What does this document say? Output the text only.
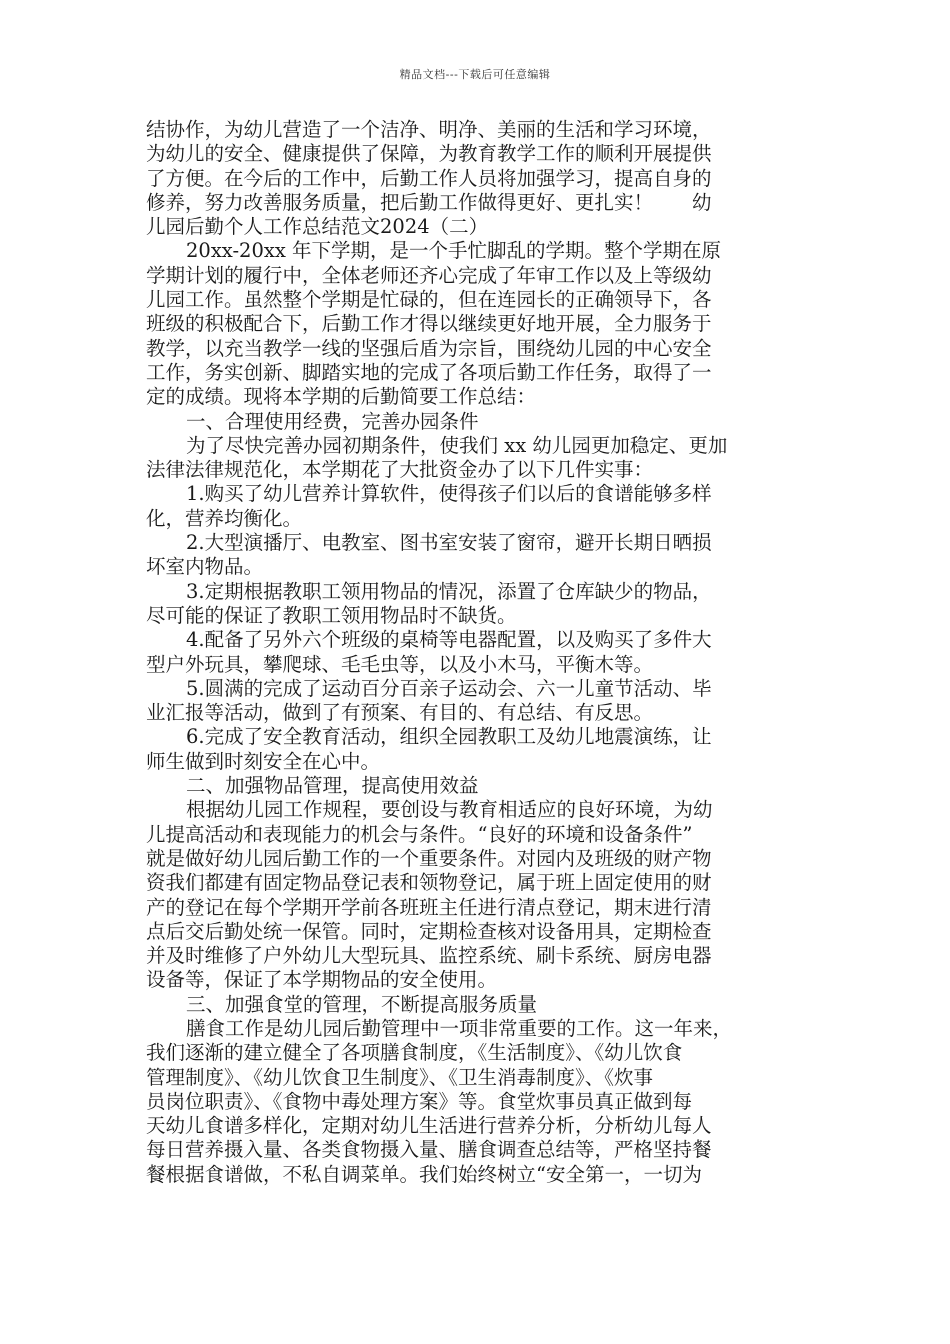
精品文档---下载后可任意编辑
结协作，为幼儿营造了一个洁净、明净、美丽的生活和学习环境，
为幼儿的安全、健康提供了保障，为教育教学工作的顺利开展提供
了方便。在今后的工作中，后勤工作人员将加强学习，提高自身的
修养，努力改善服务质量，把后勤工作做得更好、更扎实！　　幼
儿园后勤个人工作总结范文2024（二）
20xx-20xx 年下学期，是一个手忙脚乱的学期。整个学期在原
学期计划的履行中，全体老师还齐心完成了年审工作以及上等级幼
儿园工作。虽然整个学期是忙碌的，但在连园长的正确领导下，各
班级的积极配合下，后勤工作才得以继续更好地开展，全力服务于
教学，以充当教学一线的坚强后盾为宗旨，围绕幼儿园的中心安全
工作，务实创新、脚踏实地的完成了各项后勤工作任务，取得了一
定的成绩。现将本学期的后勤简要工作总结：
一、合理使用经费，完善办园条件
为了尽快完善办园初期条件，使我们 xx 幼儿园更加稳定、更加
法律法律规范化，本学期花了大批资金办了以下几件实事：
1.购买了幼儿营养计算软件，使得孩子们以后的食谱能够多样
化，营养均衡化。
2.大型演播厅、电教室、图书室安装了窗帘，避开长期日晒损
坏室内物品。
3.定期根据教职工领用物品的情况，添置了仓库缺少的物品，
尽可能的保证了教职工领用物品时不缺货。
4.配备了另外六个班级的桌椅等电器配置，以及购买了多件大
型户外玩具，攀爬球、毛毛虫等，以及小木马，平衡木等。
5.圆满的完成了运动百分百亲子运动会、六一儿童节活动、毕
业汇报等活动，做到了有预案、有目的、有总结、有反思。
6.完成了安全教育活动，组织全园教职工及幼儿地震演练，让
师生做到时刻安全在心中。
二、加强物品管理，提高使用效益
根据幼儿园工作规程，要创设与教育相适应的良好环境，为幼
儿提高活动和表现能力的机会与条件。“良好的环境和设备条件”
就是做好幼儿园后勤工作的一个重要条件。对园内及班级的财产物
资我们都建有固定物品登记表和领物登记，属于班上固定使用的财
产的登记在每个学期开学前各班班主任进行清点登记，期末进行清
点后交后勤处统一保管。同时，定期检查核对设备用具，定期检查
并及时维修了户外幼儿大型玩具、监控系统、刷卡系统、厨房电器
设备等，保证了本学期物品的安全使用。
三、加强食堂的管理，不断提高服务质量
膳食工作是幼儿园后勤管理中一项非常重要的工作。这一年来，
我们逐渐的建立健全了各项膳食制度，《生活制度》、《幼儿饮食
管理制度》、《幼儿饮食卫生制度》、《卫生消毒制度》、《炊事
员岗位职责》、《食物中毒处理方案》等。食堂炊事员真正做到每
天幼儿食谱多样化，定期对幼儿生活进行营养分析，分析幼儿每人
每日营养摄入量、各类食物摄入量、膳食调查总结等，严格坚持餐
餐根据食谱做，不私自调菜单。我们始终树立“安全第一，一切为
